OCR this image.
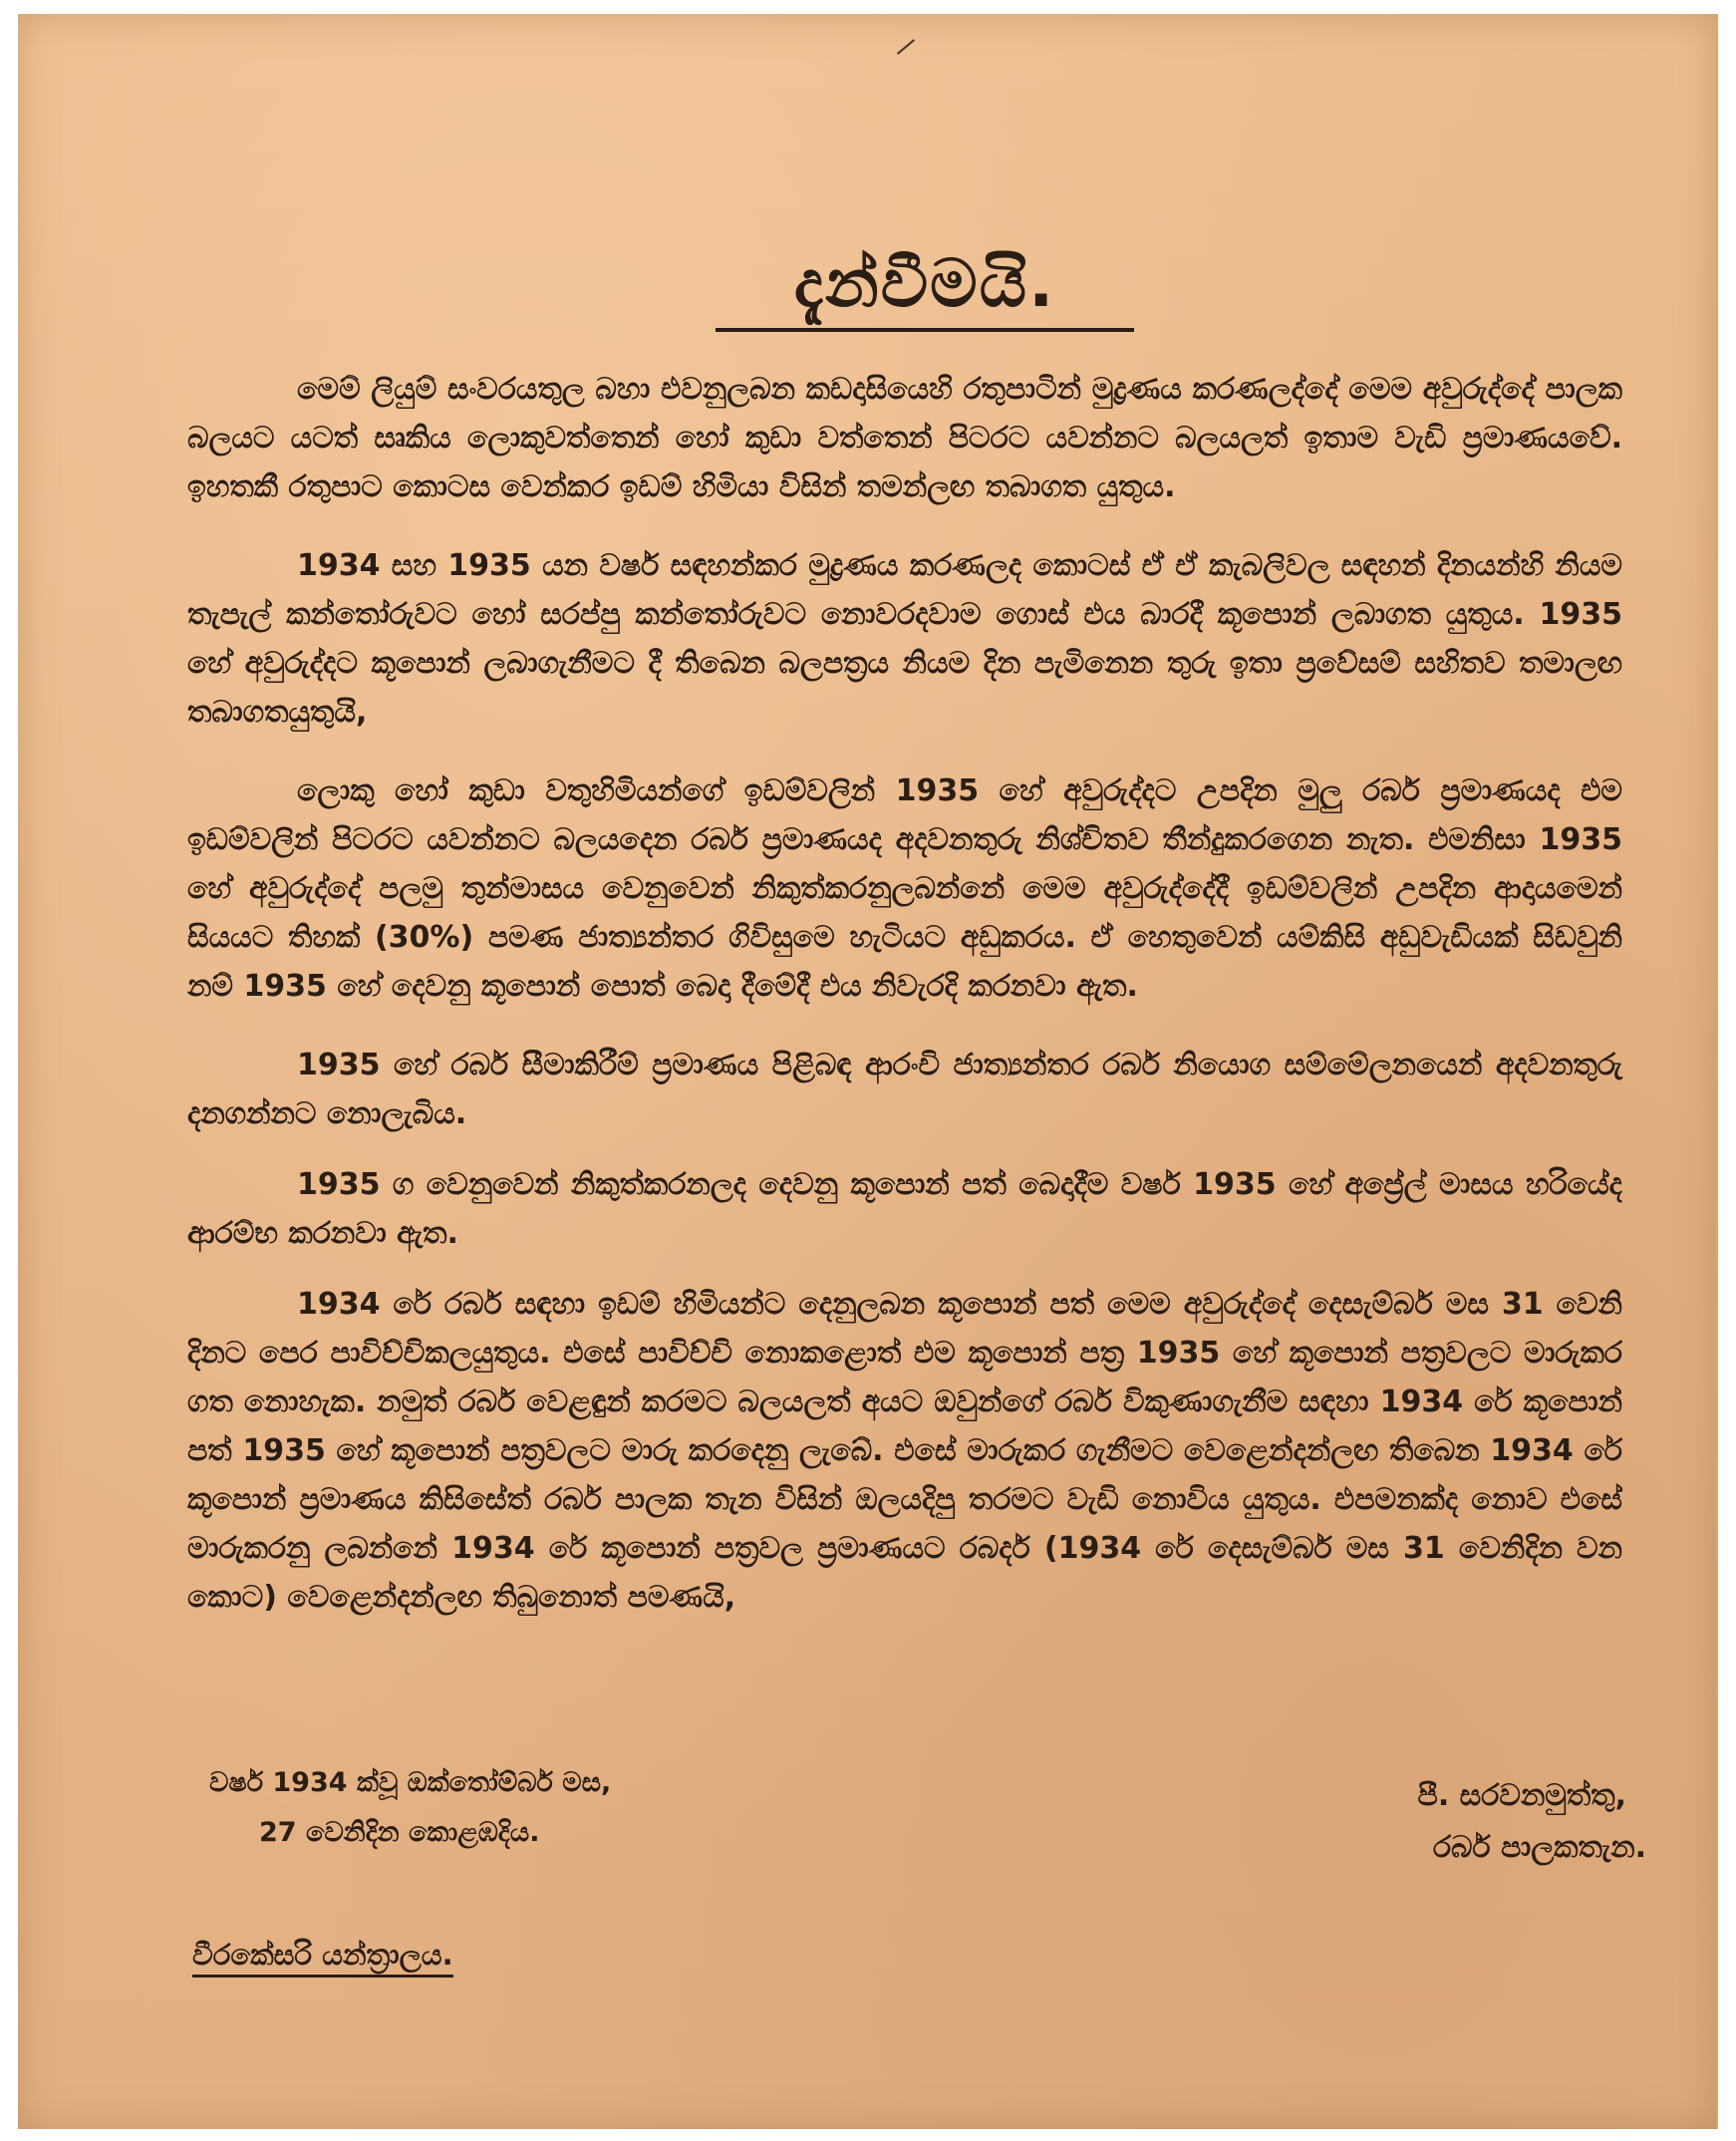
දැන්වීමයි.

මෙම් ලියුම් සංවරයතුල බහා එවනුලබන කඩදාසියෙහි රතුපාටින් මුද්‍රණය කරණලද්දේ මෙම අවුරුද්දේ පාලක බලයට යටත් සෘකිය ලොකුවත්තෙන් හෝ කුඩා වත්තෙන් පිටරට යවන්නට බලයලත් ඉතාම වැඩි ප්‍රමාණයවේ. ඉහතකී රතුපාට කොටස වෙන්කර ඉඩම් හිමියා විසින් තමන්ලඟ තබාගත යුතුය.

1934 සහ 1935 යන වර්ෂ සඳහන්කර මුද්‍රණය කරණලද කොටස් ඒ ඒ කැබලිවල සඳහන් දිනයන්හි නියම තැපැල් කන්තෝරුවට හෝ සරප්පු කන්තෝරුවට නොවරදවාම ගොස් එය බාරදී කූපොන් ලබාගත යුතුය. 1935 හේ අවුරුද්දට කූපොන් ලබාගැනීමට දී තිබෙන බලපත්‍රය නියම දින පැමිනෙන තුරු ඉතා ප්‍රවේසම් සහිතව තමාලඟ තබාගතයුතුයි,

ලොකු හෝ කුඩා වතුහිමියන්ගේ ඉඩම්වලින් 1935 හේ අවුරුද්දට උපදින මුලු රබර් ප්‍රමාණයද එම ඉඩම්වලින් පිටරට යවන්නට බලයදෙන රබර් ප්‍රමාණයද අදවනතුරු නිශ්චිතව තීන්දුකරගෙන නැත. එමනිසා 1935 හේ අවුරුද්දේ පලමු තුන්මාසය වෙනුවෙන් නිකුත්කරනුලබන්නේ මෙම අවුරුද්දේදී ඉඩම්වලින් උපදින ආදායමෙන් සියයට තිහක් (30%) පමණ ජාත්‍යන්තර ගිවිසුමෙ හැටියට අඩුකරය. ඒ හෙතුවෙන් යම්කිසි අඩුවැඩියක් සිඩවුනි නම් 1935 හේ දෙවනු කූපොන් පොත් බෙදා දීමේදී එය නිවැරදි කරනවා ඇත.

1935 හේ රබර් සීමාකිරීම් ප්‍රමාණය පිළිබඳ ආරංචි ජාත්‍යන්තර රබර් නියොග සම්මේලනයෙන් අදවනතුරු දනගන්නට නොලැබිය.

1935 ග වෙනුවෙන් නිකුත්කරනලද දෙවනු කූපොන් පත් බෙදාදීම වර්ෂ 1935 හේ අප්‍රේල් මාසය හරියේද ආරම්භ කරනවා ඇත.

1934 රේ රබර් සඳහා ඉඩම් හිමියන්ට දෙනුලබන කූපොන් පත් මෙම අවුරුද්දේ දෙසැම්බර් මස 31 වෙනි දිනට පෙර පාවිච්චිකලයුතුය. එසේ පාවිච්චි නොකළොත් එම කූපොන් පත්‍ර 1935 හේ කූපොන් පත්‍රවලට මාරුකර ගත නොහැක. නමුත් රබර් වෙළඳුන් කරමට බලයලත් අයට ඔවුන්ගේ රබර් විකුණාගැනීම සඳහා 1934 රේ කූපොන් පත් 1935 හේ කූපොන් පත්‍රවලට මාරු කරදෙනු ලැබේ. එසේ මාරුකර ගැනීමට වෙළෙන්දන්ලඟ තිබෙන 1934 රේ කූපොන් ප්‍රමාණය කිසිසේත් රබර් පාලක තැන විසින් ඔලයදිපු තරමට වැඩි නොවිය යුතුය. එපමනක්ද නොව එසේ මාරුකරනු ලබන්නේ 1934 රේ කූපොන් පත්‍රවල ප්‍රමාණයට රබර්ද (1934 රේ දෙසැම්බර් මස 31 වෙනිදින වන කොට) වෙළෙන්දන්ලඟ තිබුනොත් පමණයි,

වර්ෂ 1934 ක්වූ ඔක්තෝම්බර් මස,
27 වෙනිදින කොළඹදිය.
පී. සරවනමුත්තු,
රබර් පාලකතැන.
වීරකේසරි යන්ත්‍රාලය.
